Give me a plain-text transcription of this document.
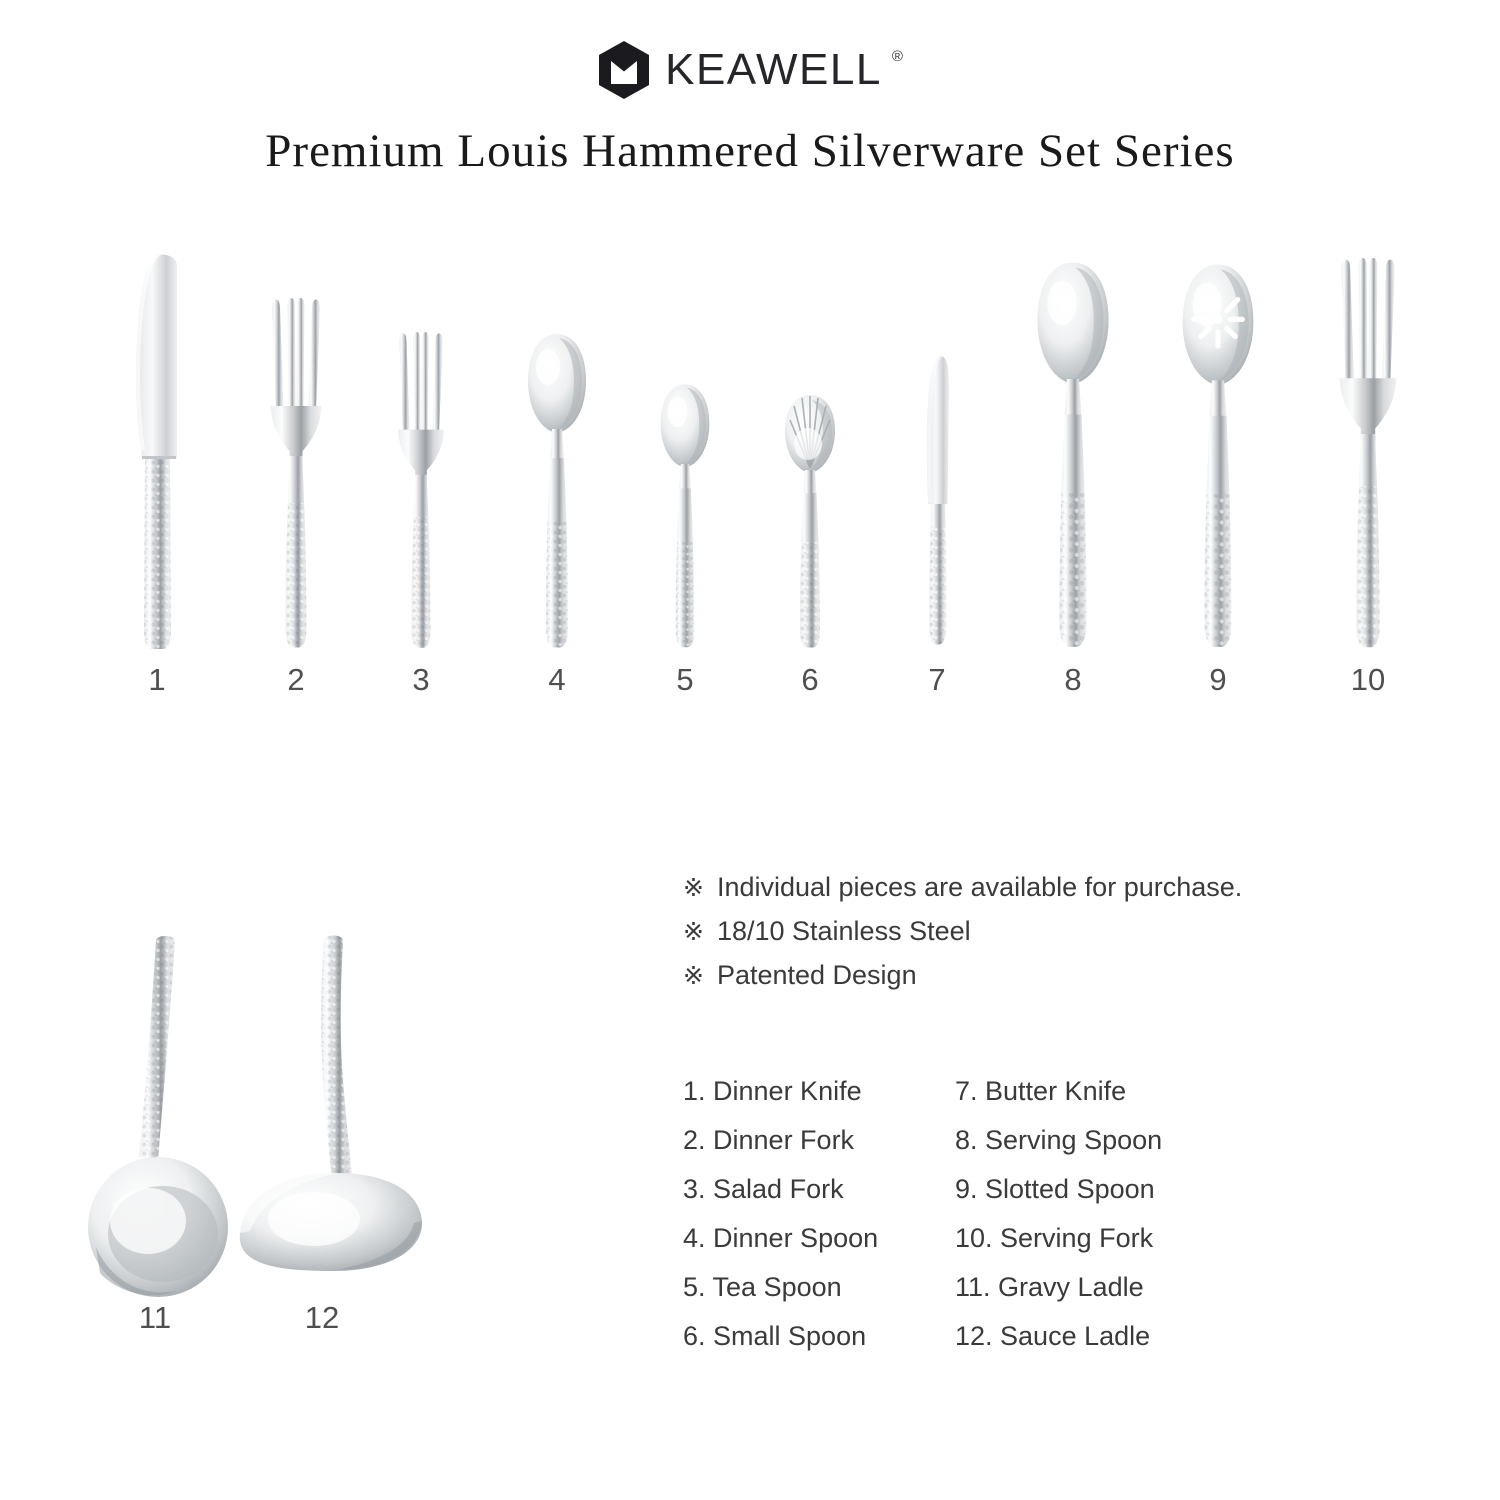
KEAWELL ®
Premium Louis Hammered Silverware Set Series
1	2	3	4	5	6	7	8	9	10
11	12
※ Individual pieces are available for purchase.
※ 18/10 Stainless Steel
※ Patented Design
1. Dinner Knife
2. Dinner Fork
3. Salad Fork
4. Dinner Spoon
5. Tea Spoon
6. Small Spoon
7. Butter Knife
8. Serving Spoon
9. Slotted Spoon
10. Serving Fork
11. Gravy Ladle
12. Sauce Ladle
